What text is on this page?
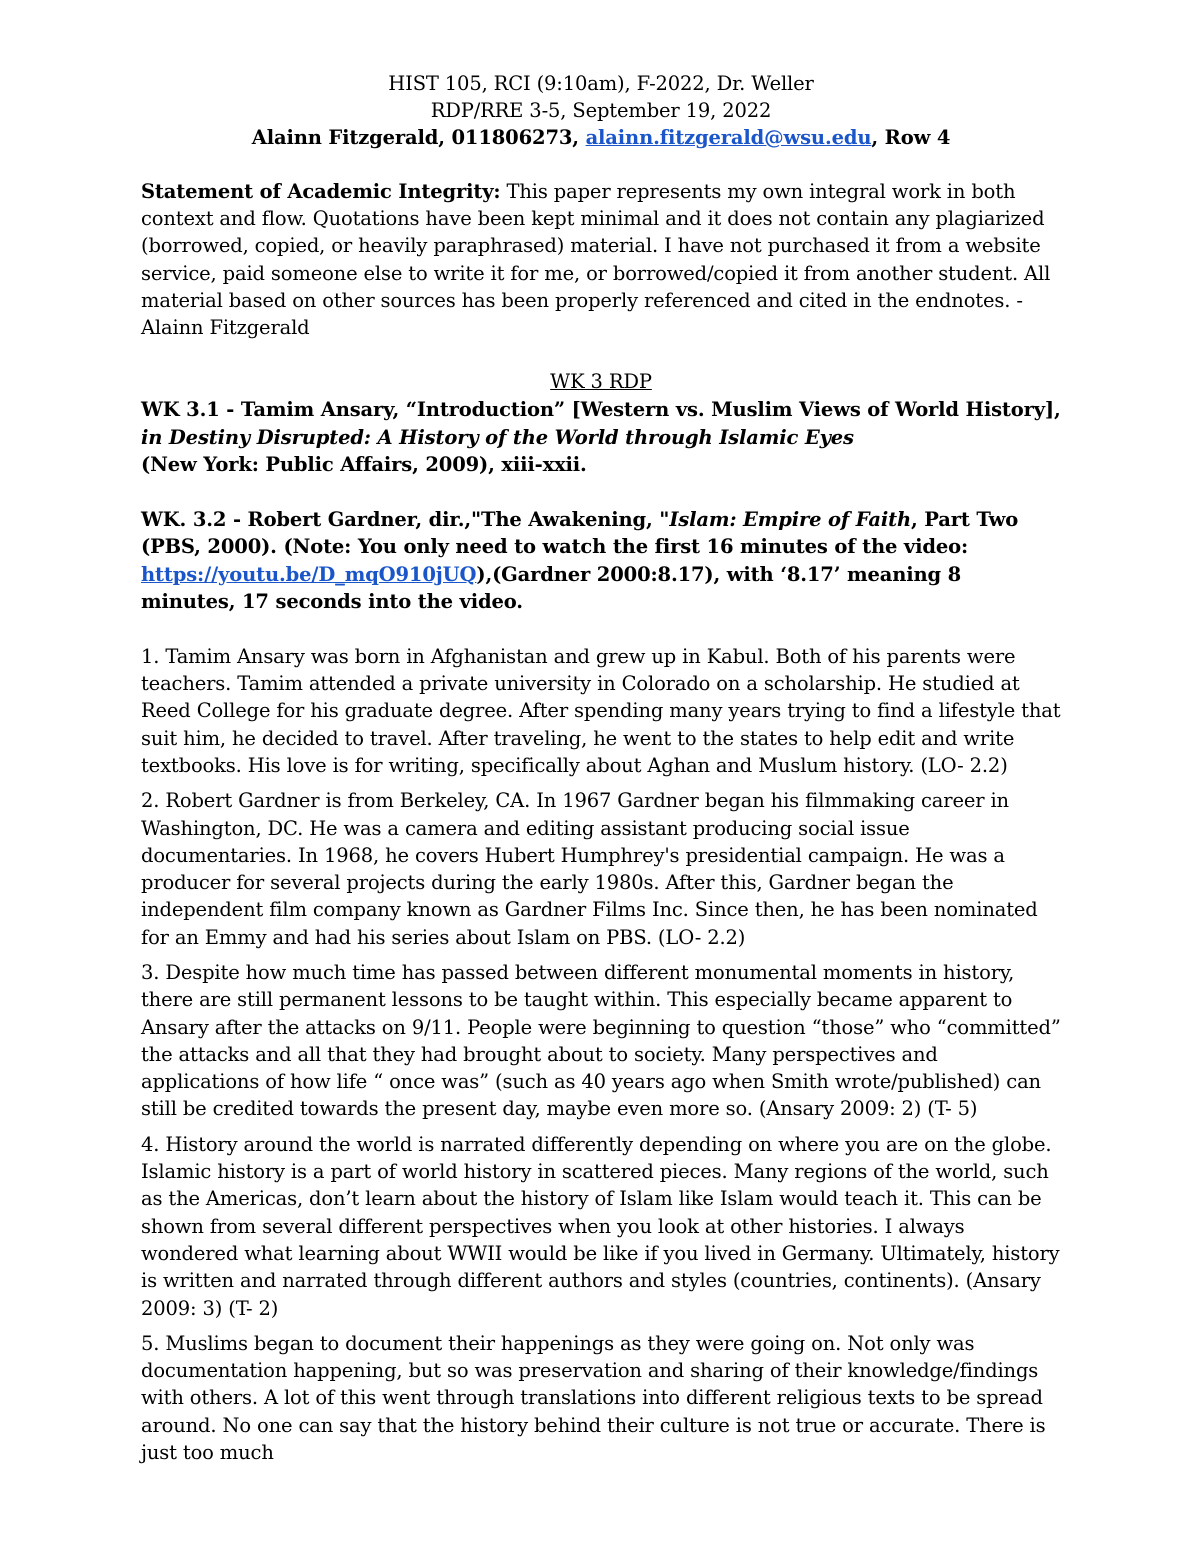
HIST 105, RCI (9:10am), F-2022, Dr. Weller
RDP/RRE 3-5, September 19, 2022
Alainn Fitzgerald, 011806273, alainn.fitzgerald@wsu.edu, Row 4
Statement of Academic Integrity: This paper represents my own integral work in both context and flow. Quotations have been kept minimal and it does not contain any plagiarized (borrowed, copied, or heavily paraphrased) material. I have not purchased it from a website service, paid someone else to write it for me, or borrowed/copied it from another student. All material based on other sources has been properly referenced and cited in the endnotes. - Alainn Fitzgerald
WK 3 RDP
WK 3.1 - Tamim Ansary, “Introduction” [Western vs. Muslim Views of World History], in Destiny Disrupted: A History of the World through Islamic Eyes
(New York: Public Affairs, 2009), xiii-xxii.
WK. 3.2 - Robert Gardner, dir.,"The Awakening, "Islam: Empire of Faith, Part Two (PBS, 2000). (Note: You only need to watch the first 16 minutes of the video: https://youtu.be/D_mqO910jUQ),(Gardner 2000:8.17), with ‘8.17’ meaning 8 minutes, 17 seconds into the video.

1. Tamim Ansary was born in Afghanistan and grew up in Kabul. Both of his parents were teachers. Tamim attended a private university in Colorado on a scholarship. He studied at Reed College for his graduate degree. After spending many years trying to find a lifestyle that suit him, he decided to travel. After traveling, he went to the states to help edit and write textbooks. His love is for writing, specifically about Aghan and Muslum history. (LO- 2.2)

2. Robert Gardner is from Berkeley, CA. In 1967 Gardner began his filmmaking career in Washington, DC. He was a camera and editing assistant producing social issue documentaries. In 1968, he covers Hubert Humphrey's presidential campaign. He was a producer for several projects during the early 1980s. After this, Gardner began the independent film company known as Gardner Films Inc. Since then, he has been nominated for an Emmy and had his series about Islam on PBS. (LO- 2.2)

3. Despite how much time has passed between different monumental moments in history, there are still permanent lessons to be taught within. This especially became apparent to Ansary after the attacks on 9/11. People were beginning to question “those” who “committed” the attacks and all that they had brought about to society. Many perspectives and applications of how life “ once was” (such as 40 years ago when Smith wrote/published) can still be credited towards the present day, maybe even more so. (Ansary 2009: 2) (T- 5)

4. History around the world is narrated differently depending on where you are on the globe. Islamic history is a part of world history in scattered pieces. Many regions of the world, such as the Americas, don’t learn about the history of Islam like Islam would teach it. This can be shown from several different perspectives when you look at other histories. I always wondered what learning about WWII would be like if you lived in Germany. Ultimately, history is written and narrated through different authors and styles (countries, continents). (Ansary 2009: 3) (T- 2)

5. Muslims began to document their happenings as they were going on. Not only was documentation happening, but so was preservation and sharing of their knowledge/findings with others. A lot of this went through translations into different religious texts to be spread around. No one can say that the history behind their culture is not true or accurate. There is just too much
